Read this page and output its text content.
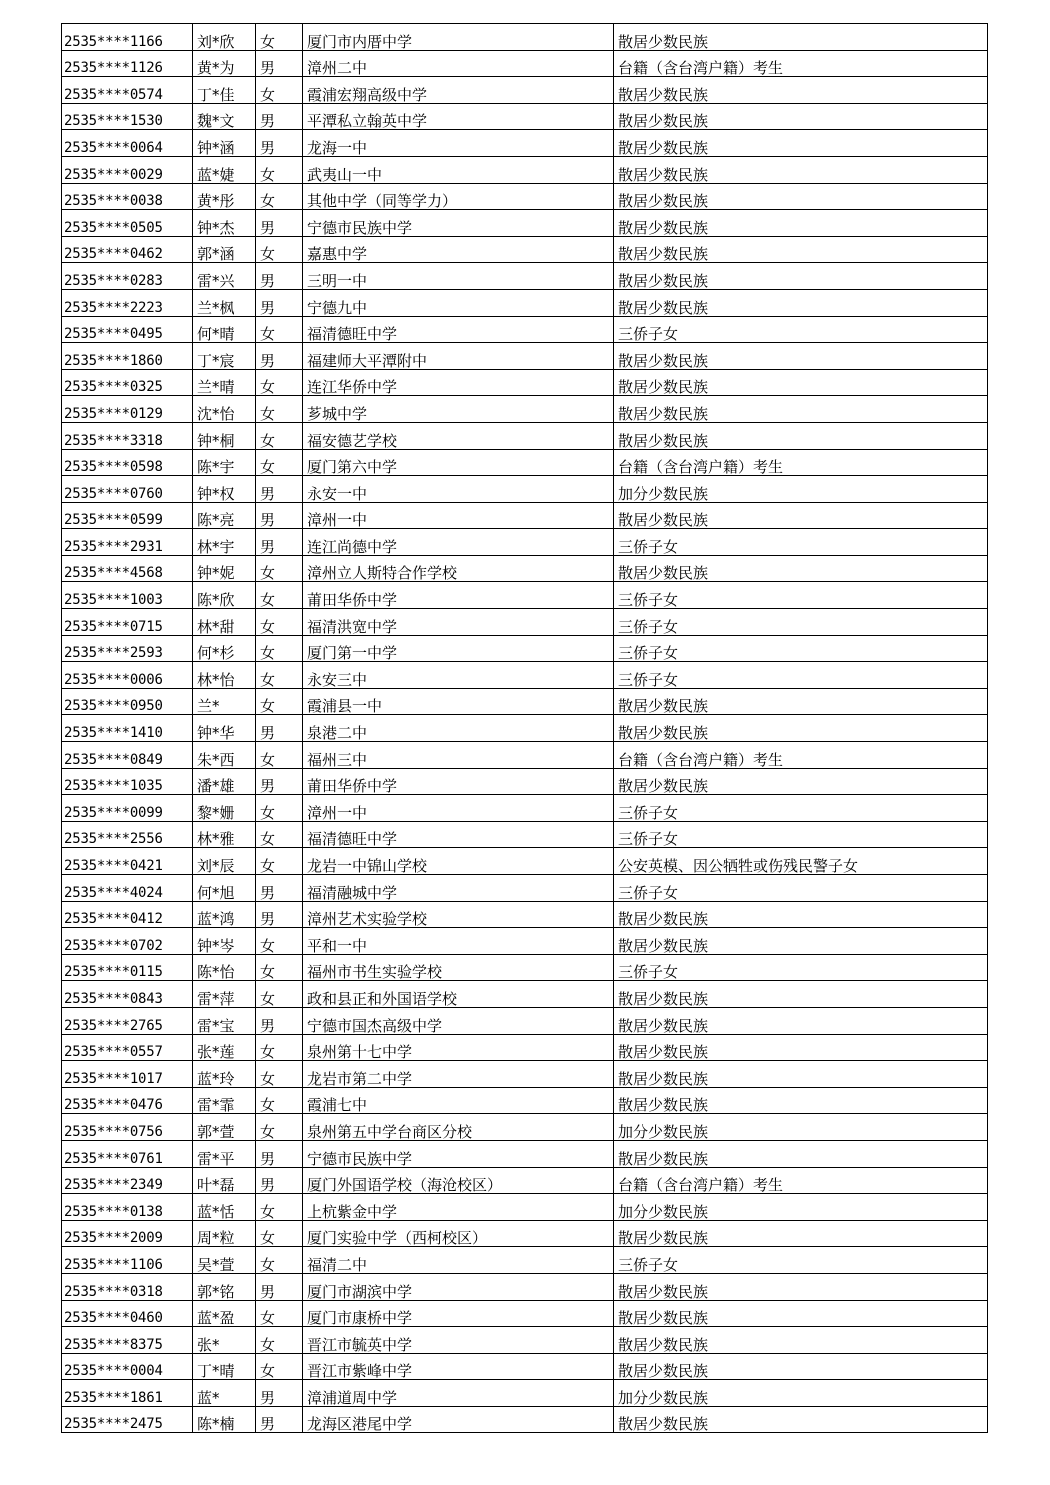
2535****1166	刘*欣	女	厦门市内厝中学	散居少数民族
2535****1126	黄*为	男	漳州二中	台籍（含台湾户籍）考生
2535****0574	丁*佳	女	霞浦宏翔高级中学	散居少数民族
2535****1530	魏*文	男	平潭私立翰英中学	散居少数民族
2535****0064	钟*涵	男	龙海一中	散居少数民族
2535****0029	蓝*婕	女	武夷山一中	散居少数民族
2535****0038	黄*彤	女	其他中学（同等学力）	散居少数民族
2535****0505	钟*杰	男	宁德市民族中学	散居少数民族
2535****0462	郭*涵	女	嘉惠中学	散居少数民族
2535****0283	雷*兴	男	三明一中	散居少数民族
2535****2223	兰*枫	男	宁德九中	散居少数民族
2535****0495	何*晴	女	福清德旺中学	三侨子女
2535****1860	丁*宸	男	福建师大平潭附中	散居少数民族
2535****0325	兰*晴	女	连江华侨中学	散居少数民族
2535****0129	沈*怡	女	芗城中学	散居少数民族
2535****3318	钟*桐	女	福安德艺学校	散居少数民族
2535****0598	陈*宇	女	厦门第六中学	台籍（含台湾户籍）考生
2535****0760	钟*权	男	永安一中	加分少数民族
2535****0599	陈*亮	男	漳州一中	散居少数民族
2535****2931	林*宇	男	连江尚德中学	三侨子女
2535****4568	钟*妮	女	漳州立人斯特合作学校	散居少数民族
2535****1003	陈*欣	女	莆田华侨中学	三侨子女
2535****0715	林*甜	女	福清洪宽中学	三侨子女
2535****2593	何*杉	女	厦门第一中学	三侨子女
2535****0006	林*怡	女	永安三中	三侨子女
2535****0950	兰*	女	霞浦县一中	散居少数民族
2535****1410	钟*华	男	泉港二中	散居少数民族
2535****0849	朱*西	女	福州三中	台籍（含台湾户籍）考生
2535****1035	潘*雄	男	莆田华侨中学	散居少数民族
2535****0099	黎*姗	女	漳州一中	三侨子女
2535****2556	林*雅	女	福清德旺中学	三侨子女
2535****0421	刘*辰	女	龙岩一中锦山学校	公安英模、因公牺牲或伤残民警子女
2535****4024	何*旭	男	福清融城中学	三侨子女
2535****0412	蓝*鸿	男	漳州艺术实验学校	散居少数民族
2535****0702	钟*岑	女	平和一中	散居少数民族
2535****0115	陈*怡	女	福州市书生实验学校	三侨子女
2535****0843	雷*萍	女	政和县正和外国语学校	散居少数民族
2535****2765	雷*宝	男	宁德市国杰高级中学	散居少数民族
2535****0557	张*莲	女	泉州第十七中学	散居少数民族
2535****1017	蓝*玲	女	龙岩市第二中学	散居少数民族
2535****0476	雷*霏	女	霞浦七中	散居少数民族
2535****0756	郭*萱	女	泉州第五中学台商区分校	加分少数民族
2535****0761	雷*平	男	宁德市民族中学	散居少数民族
2535****2349	叶*磊	男	厦门外国语学校（海沧校区）	台籍（含台湾户籍）考生
2535****0138	蓝*恬	女	上杭紫金中学	加分少数民族
2535****2009	周*粒	女	厦门实验中学（西柯校区）	散居少数民族
2535****1106	吴*萱	女	福清二中	三侨子女
2535****0318	郭*铭	男	厦门市湖滨中学	散居少数民族
2535****0460	蓝*盈	女	厦门市康桥中学	散居少数民族
2535****8375	张*	女	晋江市毓英中学	散居少数民族
2535****0004	丁*晴	女	晋江市紫峰中学	散居少数民族
2535****1861	蓝*	男	漳浦道周中学	加分少数民族
2535****2475	陈*楠	男	龙海区港尾中学	散居少数民族
